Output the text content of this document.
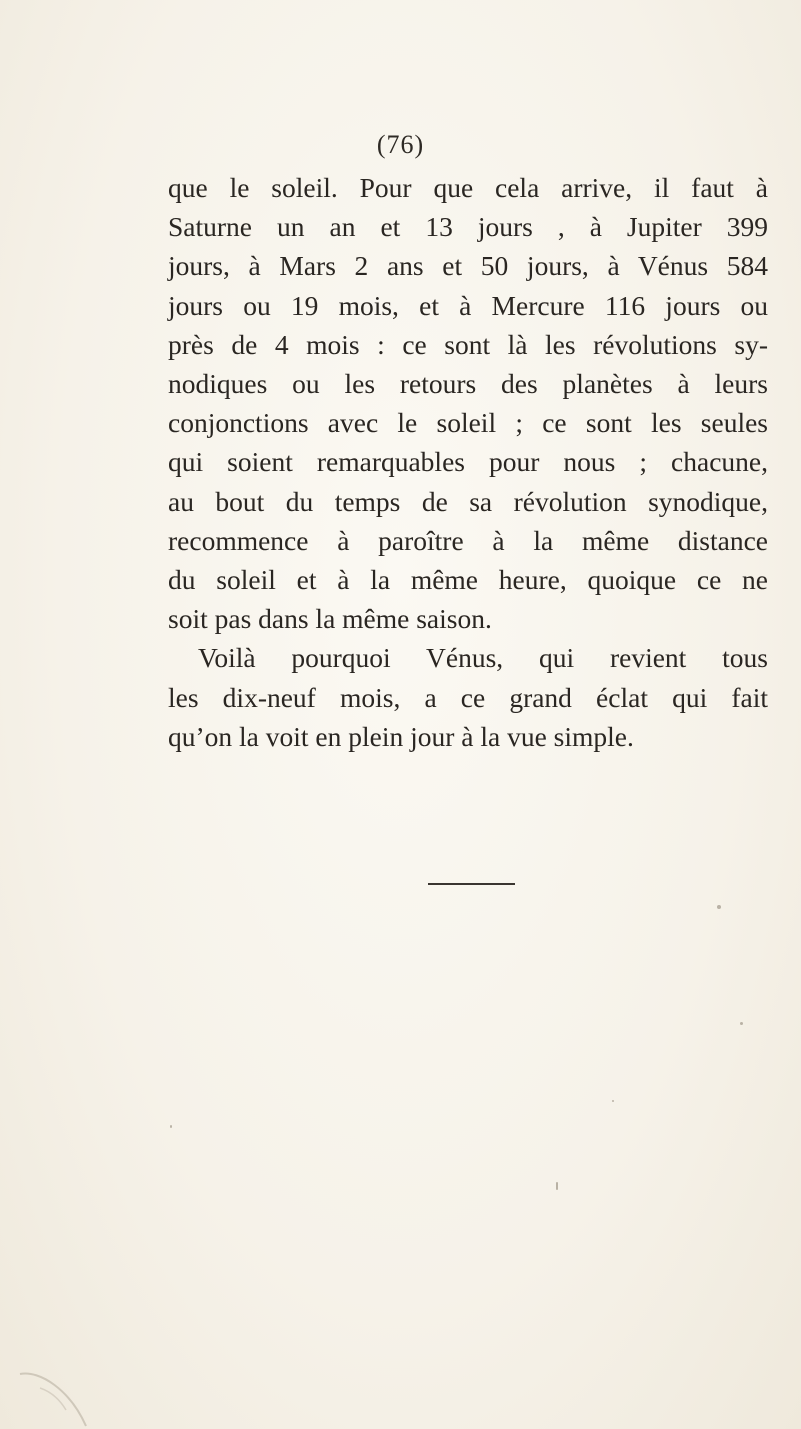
(76)
que le soleil. Pour que cela arrive, il faut à
Saturne un an et 13 jours , à Jupiter 399
jours, à Mars 2 ans et 50 jours, à Vénus 584
jours ou 19 mois, et à Mercure 116 jours ou
près de 4 mois : ce sont là les révolutions sy-
nodiques ou les retours des planètes à leurs
conjonctions avec le soleil ; ce sont les seules
qui soient remarquables pour nous ; chacune,
au bout du temps de sa révolution synodique,
recommence à paroître à la même distance
du soleil et à la même heure, quoique ce ne
soit pas dans la même saison.
Voilà pourquoi Vénus, qui revient tous
les dix-neuf mois, a ce grand éclat qui fait
qu’on la voit en plein jour à la vue simple.
